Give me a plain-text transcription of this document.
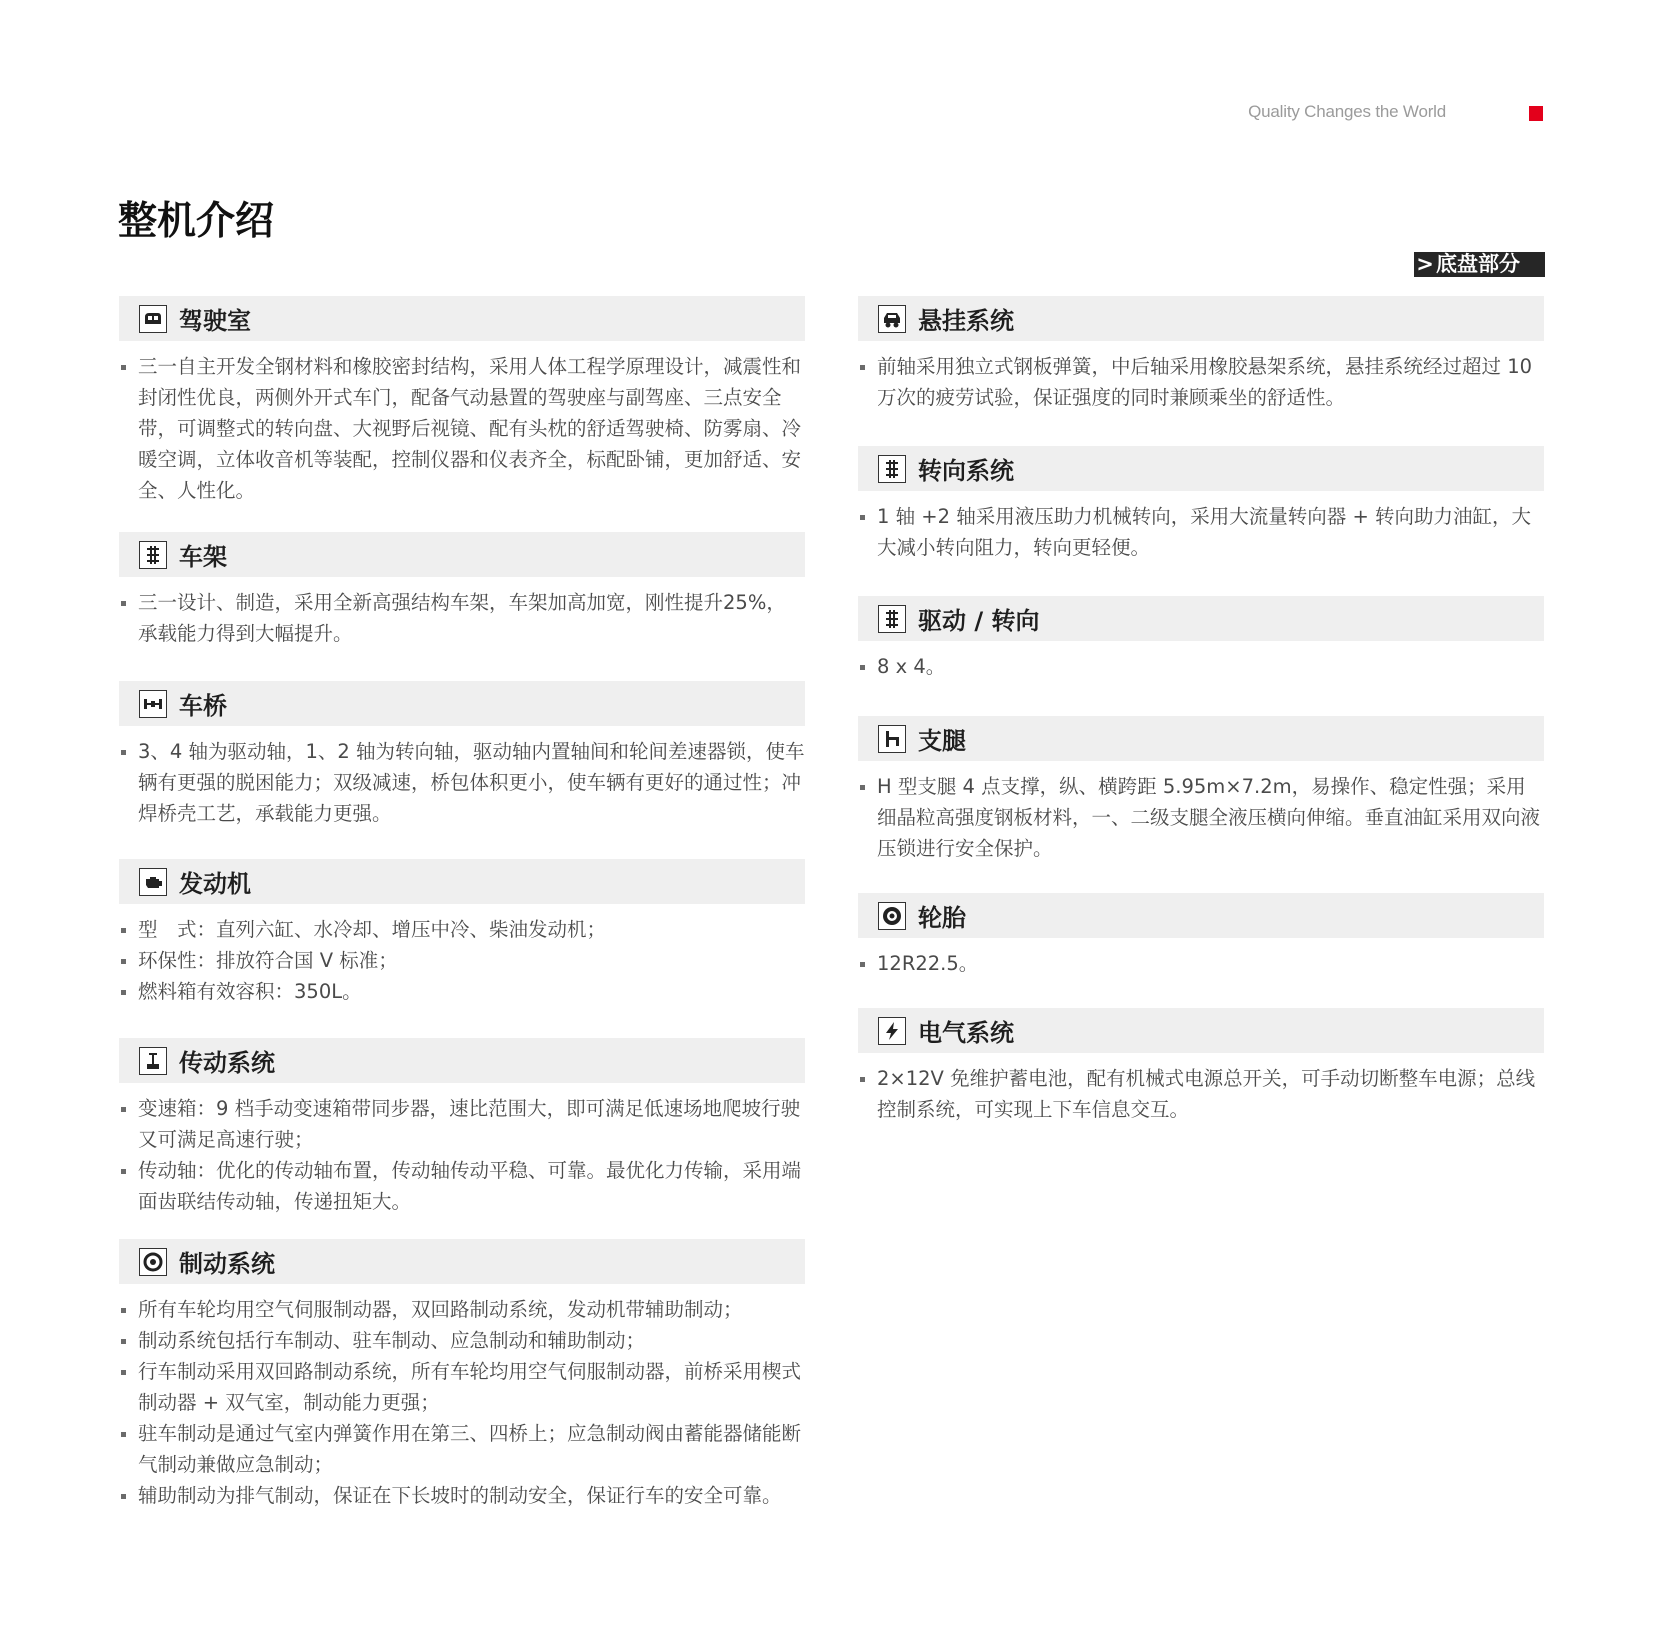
Quality Changes the World
整机介绍
> 底盘部分
驾驶室
三一自主开发全钢材料和橡胶密封结构，采用人体工程学原理设计，减震性和封闭性优良，两侧外开式车门，配备气动悬置的驾驶座与副驾座、三点安全带，可调整式的转向盘、大视野后视镜、配有头枕的舒适驾驶椅、防雾扇、冷暖空调，立体收音机等装配，控制仪器和仪表齐全，标配卧铺，更加舒适、安全、人性化。
车架
三一设计、制造，采用全新高强结构车架，车架加高加宽，刚性提升25%，承载能力得到大幅提升。
车桥
3、4 轴为驱动轴，1、2 轴为转向轴，驱动轴内置轴间和轮间差速器锁，使车辆有更强的脱困能力；双级减速，桥包体积更小，使车辆有更好的通过性；冲焊桥壳工艺，承载能力更强。
发动机
型　式：直列六缸、水冷却、增压中冷、柴油发动机；
环保性：排放符合国 V 标准；
燃料箱有效容积：350L。
传动系统
变速箱：9 档手动变速箱带同步器，速比范围大，即可满足低速场地爬坡行驶又可满足高速行驶；
传动轴：优化的传动轴布置，传动轴传动平稳、可靠。最优化力传输，采用端面齿联结传动轴，传递扭矩大。
制动系统
所有车轮均用空气伺服制动器，双回路制动系统，发动机带辅助制动；
制动系统包括行车制动、驻车制动、应急制动和辅助制动；
行车制动采用双回路制动系统，所有车轮均用空气伺服制动器，前桥采用楔式制动器 + 双气室，制动能力更强；
驻车制动是通过气室内弹簧作用在第三、四桥上；应急制动阀由蓄能器储能断气制动兼做应急制动；
辅助制动为排气制动，保证在下长坡时的制动安全，保证行车的安全可靠。
悬挂系统
前轴采用独立式钢板弹簧，中后轴采用橡胶悬架系统，悬挂系统经过超过 10 万次的疲劳试验，保证强度的同时兼顾乘坐的舒适性。
转向系统
1 轴 +2 轴采用液压助力机械转向，采用大流量转向器 + 转向助力油缸，大大减小转向阻力，转向更轻便。
驱动 / 转向
8 x 4。
支腿
H 型支腿 4 点支撑，纵、横跨距 5.95m×7.2m，易操作、稳定性强；采用细晶粒高强度钢板材料，一、二级支腿全液压横向伸缩。垂直油缸采用双向液压锁进行安全保护。
轮胎
12R22.5。
电气系统
2×12V 免维护蓄电池，配有机械式电源总开关，可手动切断整车电源；总线控制系统，可实现上下车信息交互。
